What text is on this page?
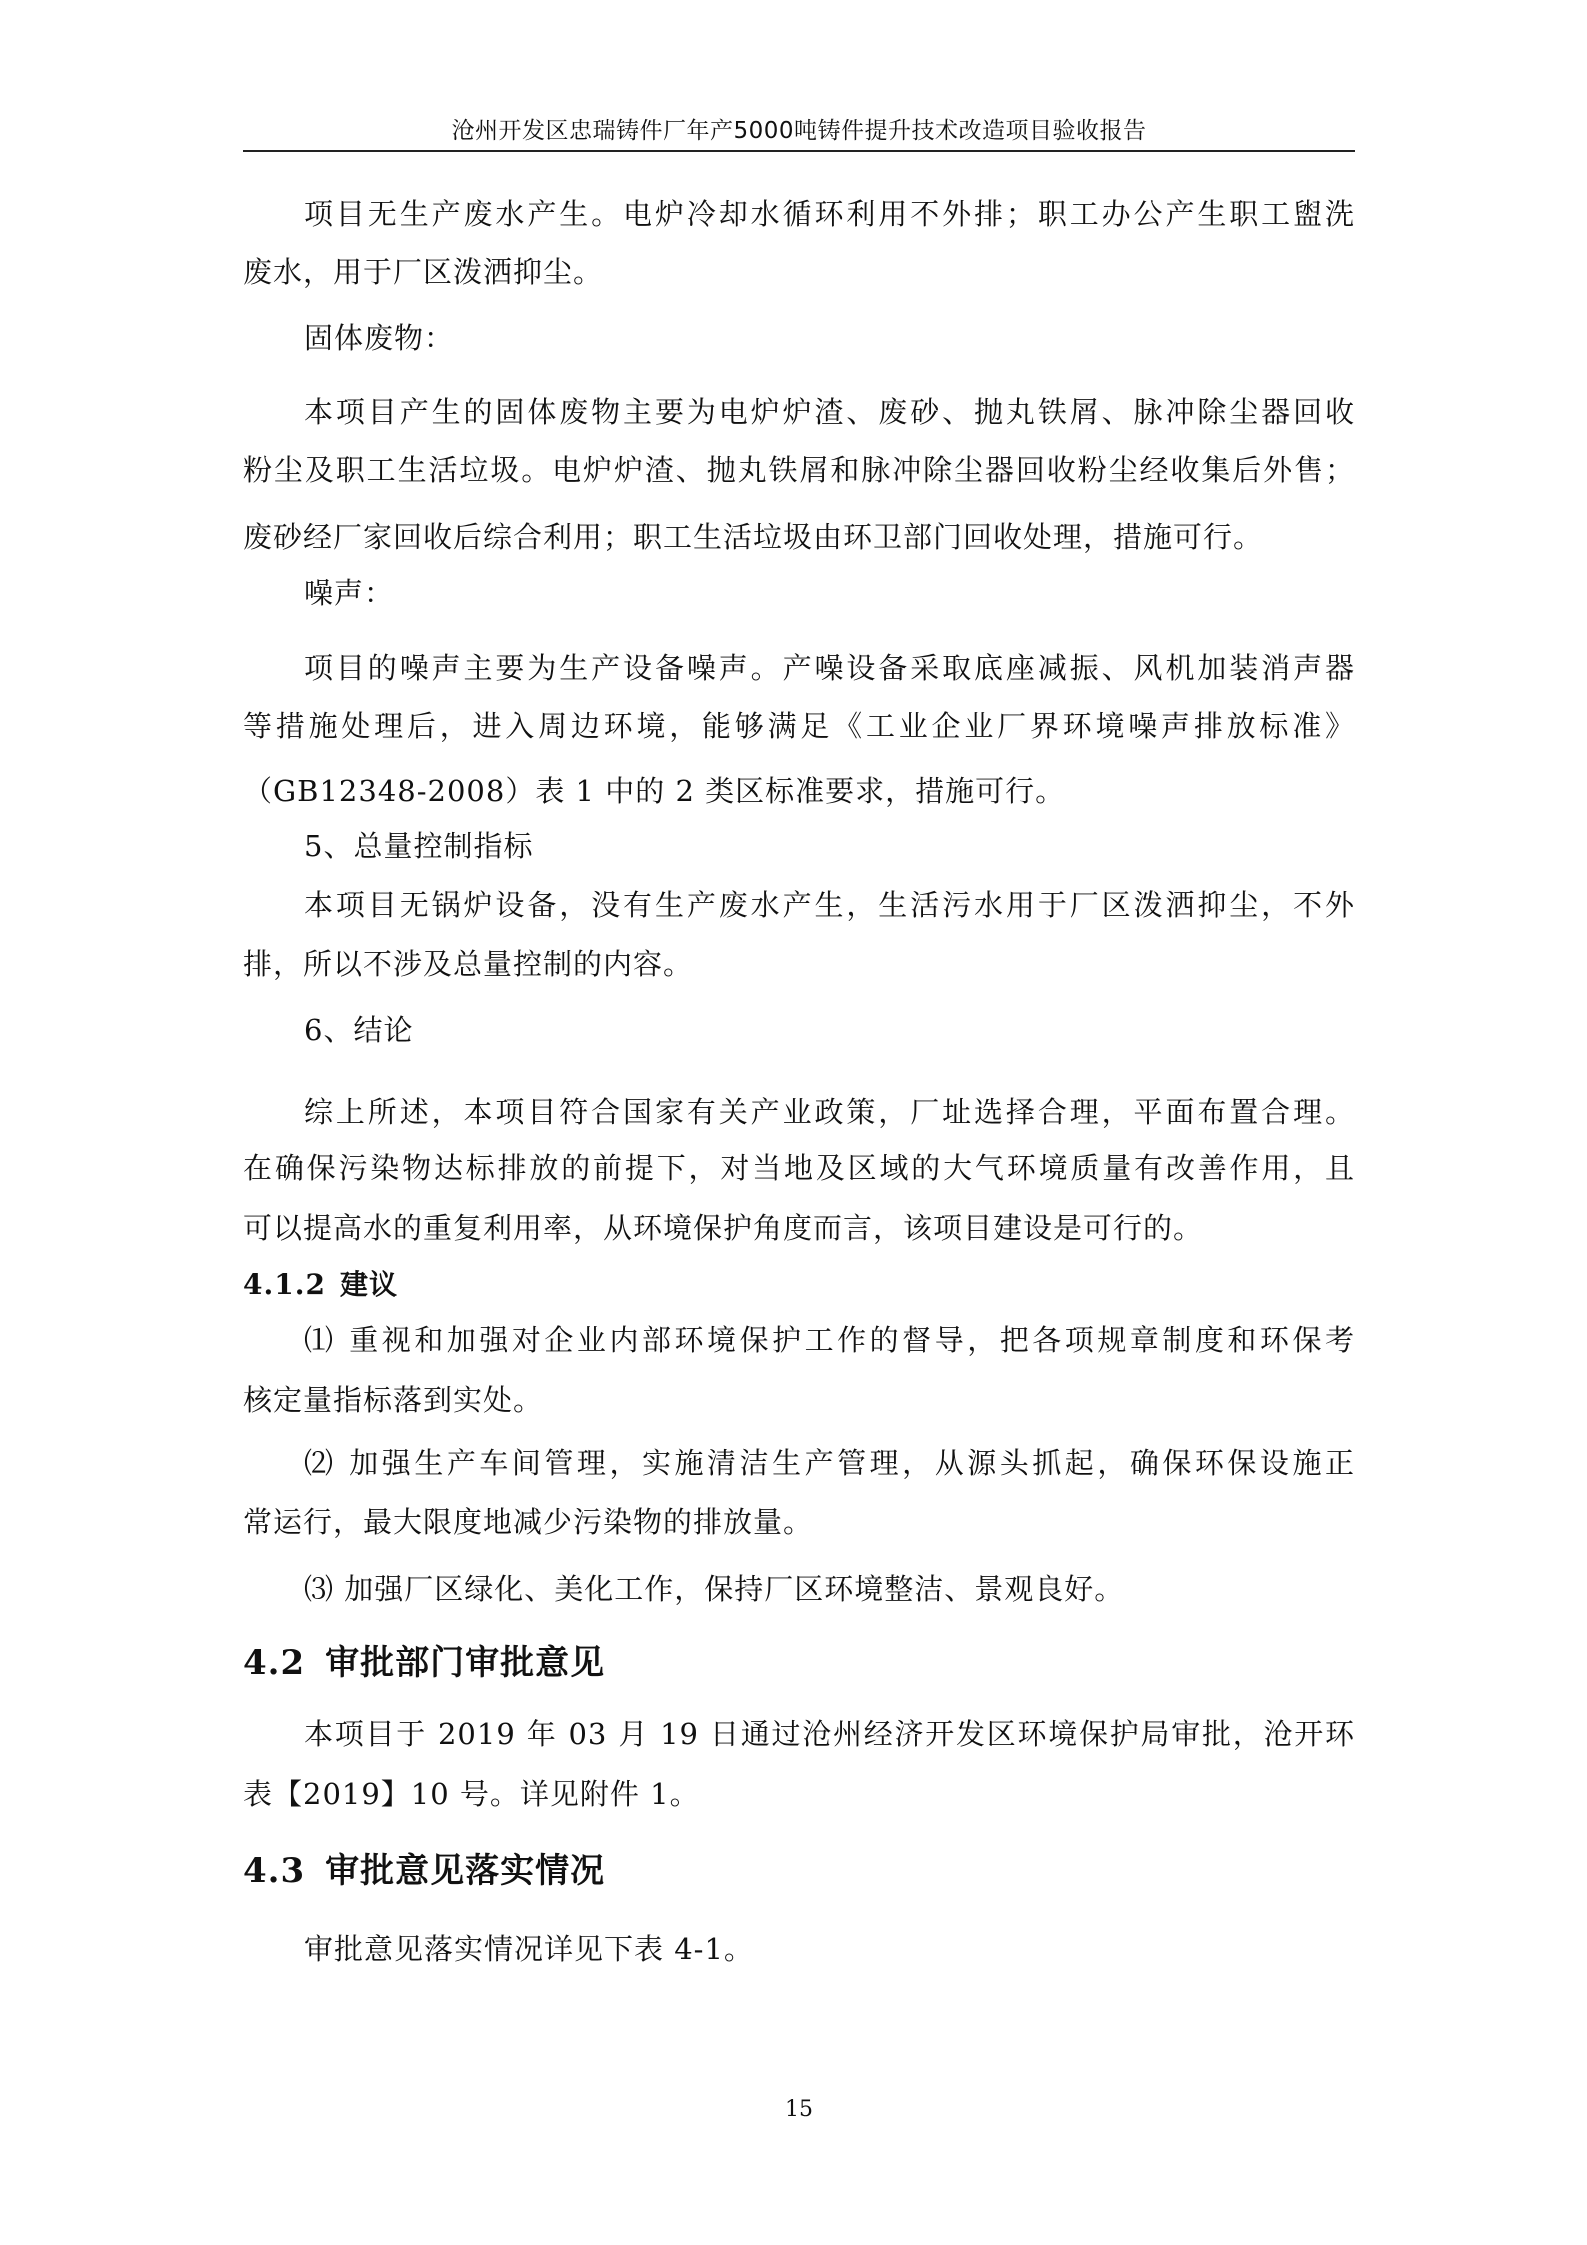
沧州开发区忠瑞铸件厂年产5000吨铸件提升技术改造项目验收报告
项目无生产废水产生。电炉冷却水循环利用不外排；职工办公产生职工盥洗
废水，用于厂区泼洒抑尘。
固体废物：
本项目产生的固体废物主要为电炉炉渣、废砂、抛丸铁屑、脉冲除尘器回收
粉尘及职工生活垃圾。电炉炉渣、抛丸铁屑和脉冲除尘器回收粉尘经收集后外售；
废砂经厂家回收后综合利用；职工生活垃圾由环卫部门回收处理，措施可行。
噪声：
项目的噪声主要为生产设备噪声。产噪设备采取底座减振、风机加装消声器
等措施处理后，进入周边环境，能够满足《工业企业厂界环境噪声排放标准》
（GB12348-2008）表 1 中的 2 类区标准要求，措施可行。
5、总量控制指标
本项目无锅炉设备，没有生产废水产生，生活污水用于厂区泼洒抑尘，不外
排，所以不涉及总量控制的内容。
6、结论
综上所述，本项目符合国家有关产业政策，厂址选择合理，平面布置合理。
在确保污染物达标排放的前提下，对当地及区域的大气环境质量有改善作用，且
可以提高水的重复利用率，从环境保护角度而言，该项目建设是可行的。
4.1.2 建议
⑴ 重视和加强对企业内部环境保护工作的督导，把各项规章制度和环保考
核定量指标落到实处。
⑵ 加强生产车间管理，实施清洁生产管理，从源头抓起，确保环保设施正
常运行，最大限度地减少污染物的排放量。
⑶ 加强厂区绿化、美化工作，保持厂区环境整洁、景观良好。
4.2 审批部门审批意见
本项目于 2019 年 03 月 19 日通过沧州经济开发区环境保护局审批，沧开环
表【2019】10 号。详见附件 1。
4.3 审批意见落实情况
审批意见落实情况详见下表 4-1。
15
